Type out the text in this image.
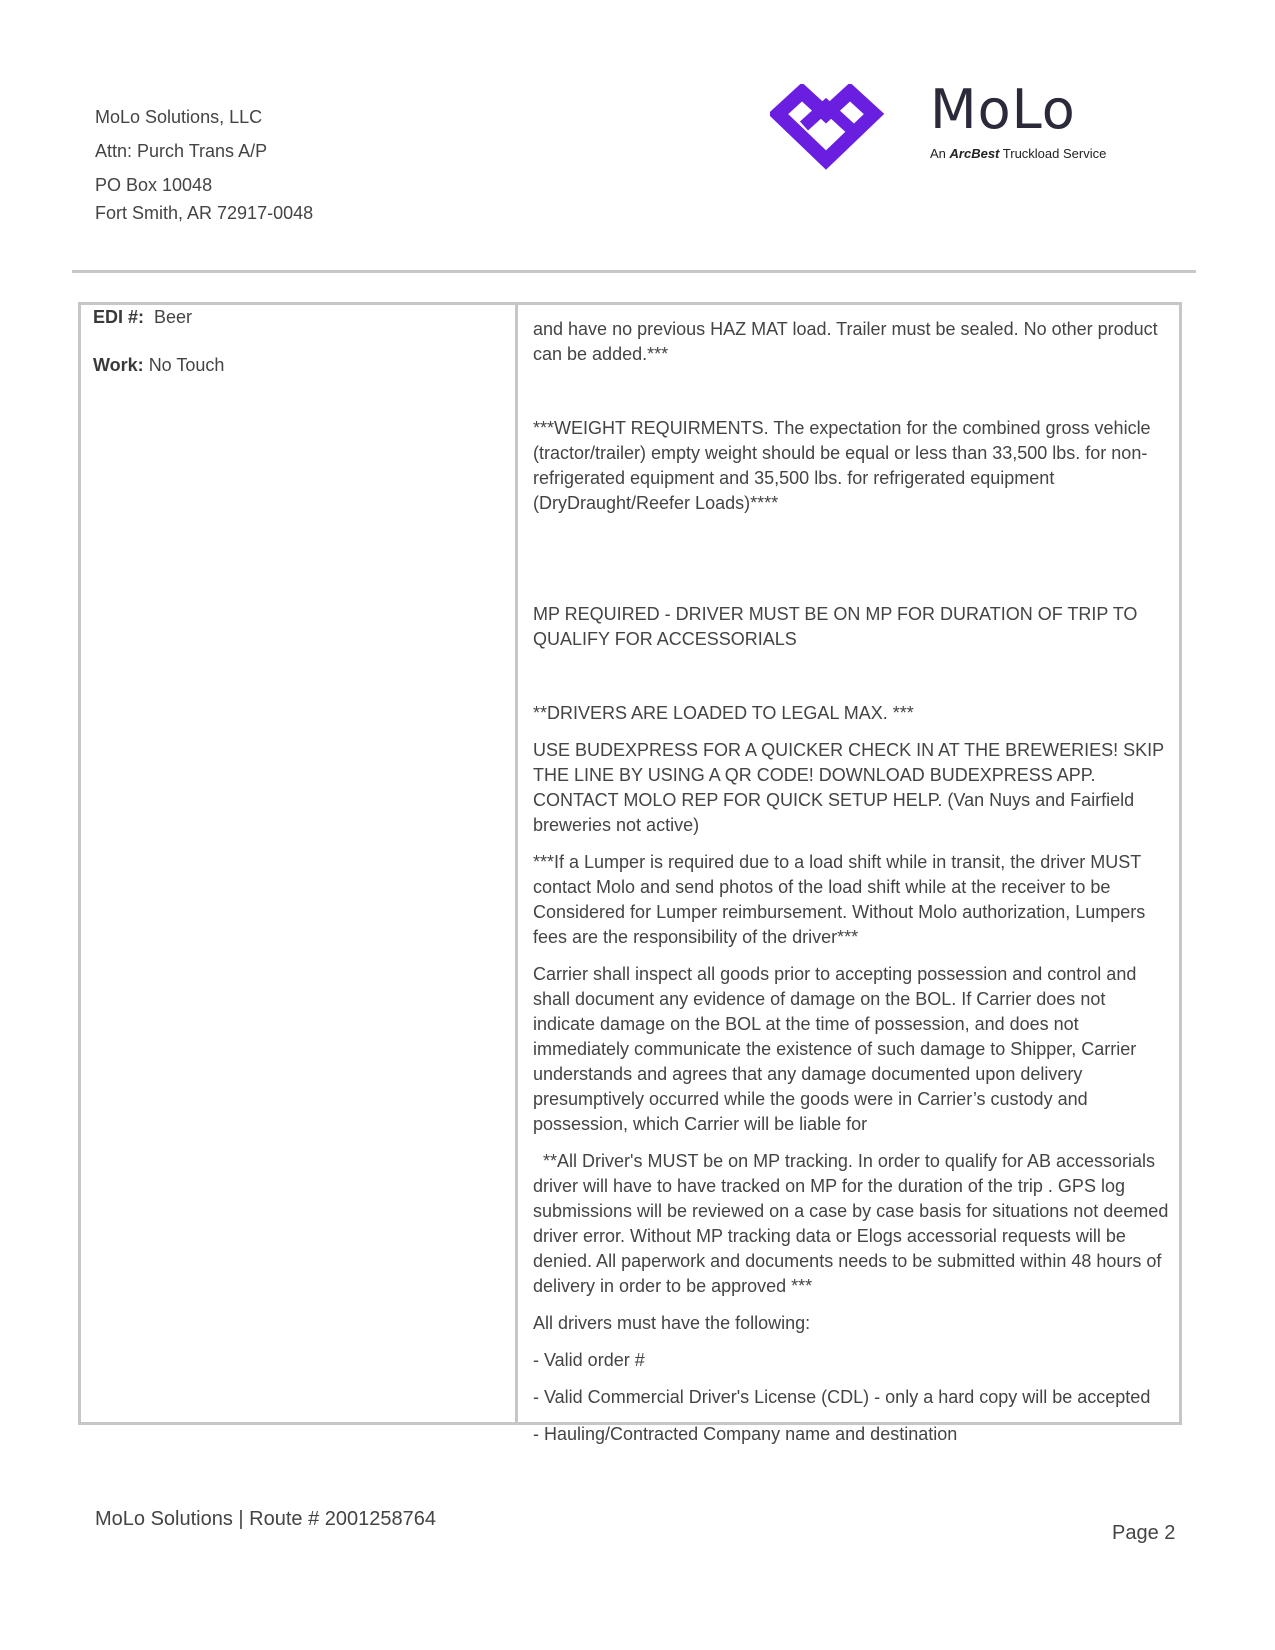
MoLo Solutions, LLC
Attn: Purch Trans A/P
PO Box 10048
Fort Smith, AR 72917-0048
MoLo
An ArcBest Truckload Service
EDI #: Beer
Work: No Touch

and have no previous HAZ MAT load. Trailer must be sealed. No other product can be added.***

***WEIGHT REQUIRMENTS. The expectation for the combined gross vehicle (tractor/trailer) empty weight should be equal or less than 33,500 lbs. for non-refrigerated equipment and 35,500 lbs. for refrigerated equipment (DryDraught/Reefer Loads)****

MP REQUIRED - DRIVER MUST BE ON MP FOR DURATION OF TRIP TO QUALIFY FOR ACCESSORIALS

**DRIVERS ARE LOADED TO LEGAL MAX. ***

USE BUDEXPRESS FOR A QUICKER CHECK IN AT THE BREWERIES! SKIP THE LINE BY USING A QR CODE! DOWNLOAD BUDEXPRESS APP. CONTACT MOLO REP FOR QUICK SETUP HELP. (Van Nuys and Fairfield breweries not active)

***If a Lumper is required due to a load shift while in transit, the driver MUST contact Molo and send photos of the load shift while at the receiver to be Considered for Lumper reimbursement. Without Molo authorization, Lumpers fees are the responsibility of the driver***

Carrier shall inspect all goods prior to accepting possession and control and shall document any evidence of damage on the BOL. If Carrier does not indicate damage on the BOL at the time of possession, and does not immediately communicate the existence of such damage to Shipper, Carrier understands and agrees that any damage documented upon delivery presumptively occurred while the goods were in Carrier’s custody and possession, which Carrier will be liable for

**All Driver's MUST be on MP tracking. In order to qualify for AB accessorials driver will have to have tracked on MP for the duration of the trip . GPS log submissions will be reviewed on a case by case basis for situations not deemed driver error. Without MP tracking data or Elogs accessorial requests will be denied. All paperwork and documents needs to be submitted within 48 hours of delivery in order to be approved ***

All drivers must have the following:

- Valid order #

- Valid Commercial Driver's License (CDL) - only a hard copy will be accepted

- Hauling/Contracted Company name and destination

MoLo Solutions | Route # 2001258764
Page 2
